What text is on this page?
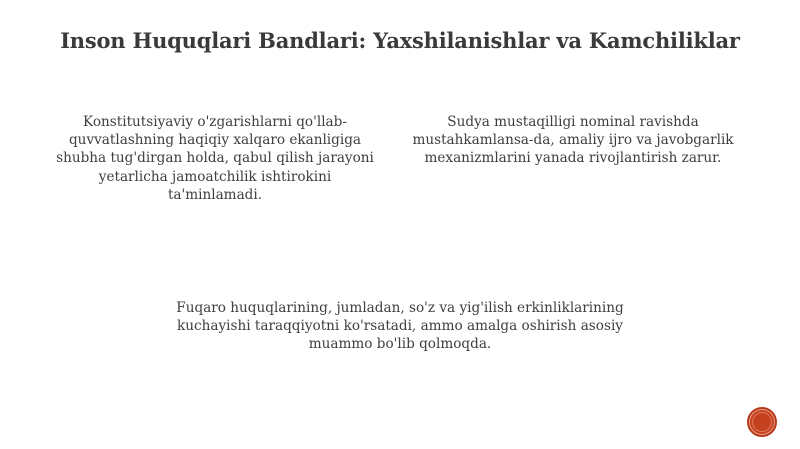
Inson Huquqlari Bandlari: Yaxshilanishlar va Kamchiliklar

Konstitutsiyaviy o'zgarishlarni qo'llab-quvvatlashning haqiqiy xalqaro ekanligiga shubha tug'dirgan holda, qabul qilish jarayoni yetarlicha jamoatchilik ishtirokini ta'minlamadi.

Sudya mustaqilligi nominal ravishda mustahkamlansa-da, amaliy ijro va javobgarlik mexanizmlarini yanada rivojlantirish zarur.

Fuqaro huquqlarining, jumladan, so'z va yig'ilish erkinliklarining kuchayishi taraqqiyotni ko'rsatadi, ammo amalga oshirish asosiy muammo bo'lib qolmoqda.
